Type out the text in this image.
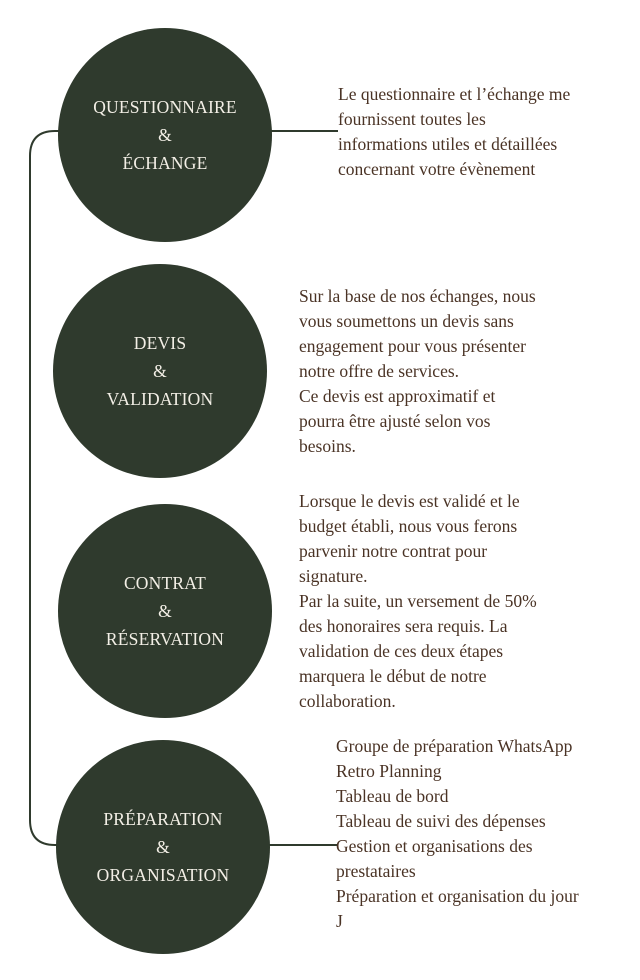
QUESTIONNAIRE
&
ÉCHANGE
Le questionnaire et l’échange me
fournissent toutes les
informations utiles et détaillées
concernant votre évènement
DEVIS
&
VALIDATION
Sur la base de nos échanges, nous
vous soumettons un devis sans
engagement pour vous présenter
notre offre de services.
Ce devis est approximatif et
pourra être ajusté selon vos
besoins.
CONTRAT
&
RÉSERVATION
Lorsque le devis est validé et le
budget établi, nous vous ferons
parvenir notre contrat pour
signature.
Par la suite, un versement de 50%
des honoraires sera requis. La
validation de ces deux étapes
marquera le début de notre
collaboration.
PRÉPARATION
&
ORGANISATION
Groupe de préparation WhatsApp
Retro Planning
Tableau de bord
Tableau de suivi des dépenses
Gestion et organisations des
prestataires
Préparation et organisation du jour
J
